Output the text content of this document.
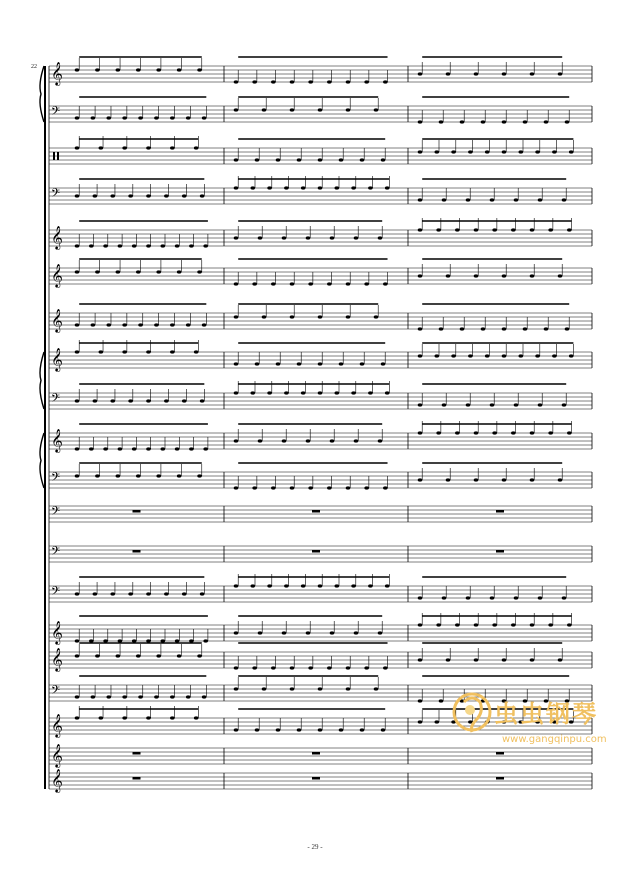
22 𝄞
𝄢
𝄢
𝄞
𝄞
𝄞
𝄞
𝄢
𝄞
𝄢
𝄢
𝄢
𝄢
𝄞
𝄞
𝄢
𝄞
𝄞
𝄞
虫虫钢琴
www.gangqinpu.com
- 29 -
